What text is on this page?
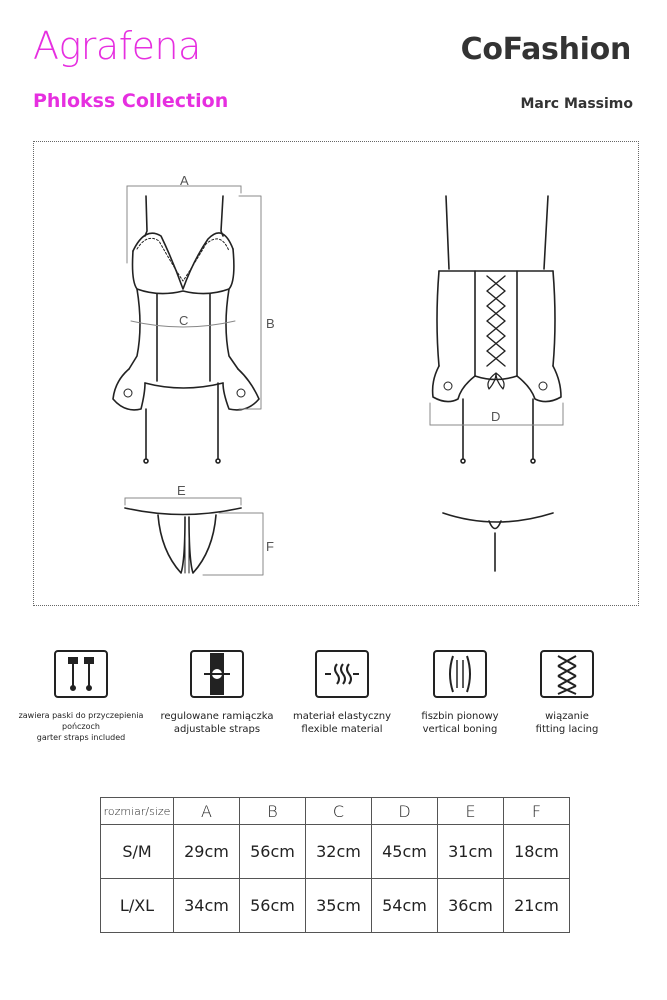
Agrafena
Phlokss Collection
CoFashion
Marc Massimo
A
B
C
D
E
F
zawiera paski do przyczepienia pończoch
garter straps included
regulowane ramiączka
adjustable straps
materiał elastyczny
flexible material
fiszbin pionowy
vertical boning
wiązanie
fitting lacing
rozmiar/size	A	B	C	D	E	F
S/M	29cm	56cm	32cm	45cm	31cm	18cm
L/XL	34cm	56cm	35cm	54cm	36cm	21cm
